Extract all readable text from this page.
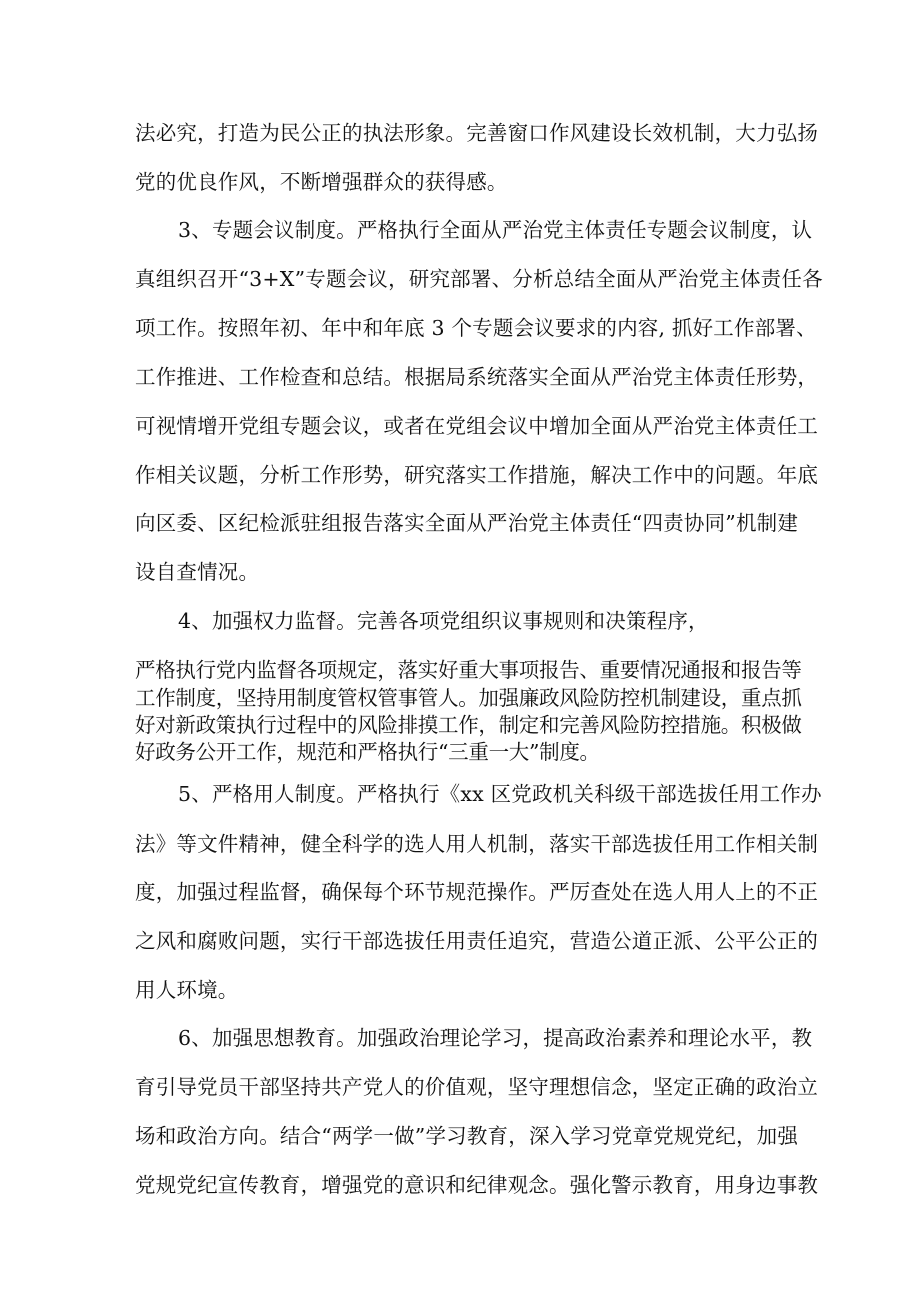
法必究，打造为民公正的执法形象。完善窗口作风建设长效机制，大力弘扬
党的优良作风，不断增强群众的获得感。
3、专题会议制度。严格执行全面从严治党主体责任专题会议制度，认
真组织召开“3+X”专题会议，研究部署、分析总结全面从严治党主体责任各
项工作。按照年初、年中和年底 3 个专题会议要求的内容, 抓好工作部署、
工作推进、工作检查和总结。根据局系统落实全面从严治党主体责任形势，
可视情增开党组专题会议，或者在党组会议中增加全面从严治党主体责任工
作相关议题，分析工作形势，研究落实工作措施，解决工作中的问题。年底
向区委、区纪检派驻组报告落实全面从严治党主体责任“四责协同”机制建
设自查情况。
4、加强权力监督。完善各项党组织议事规则和决策程序，
严格执行党内监督各项规定，落实好重大事项报告、重要情况通报和报告等
工作制度，坚持用制度管权管事管人。加强廉政风险防控机制建设，重点抓
好对新政策执行过程中的风险排摸工作，制定和完善风险防控措施。积极做
好政务公开工作，规范和严格执行“三重一大”制度。
5、严格用人制度。严格执行《xx 区党政机关科级干部选拔任用工作办
法》等文件精神，健全科学的选人用人机制，落实干部选拔任用工作相关制
度，加强过程监督，确保每个环节规范操作。严厉查处在选人用人上的不正
之风和腐败问题，实行干部选拔任用责任追究，营造公道正派、公平公正的
用人环境。
6、加强思想教育。加强政治理论学习，提高政治素养和理论水平，教
育引导党员干部坚持共产党人的价值观，坚守理想信念，坚定正确的政治立
场和政治方向。结合“两学一做”学习教育，深入学习党章党规党纪，加强
党规党纪宣传教育，增强党的意识和纪律观念。强化警示教育，用身边事教
